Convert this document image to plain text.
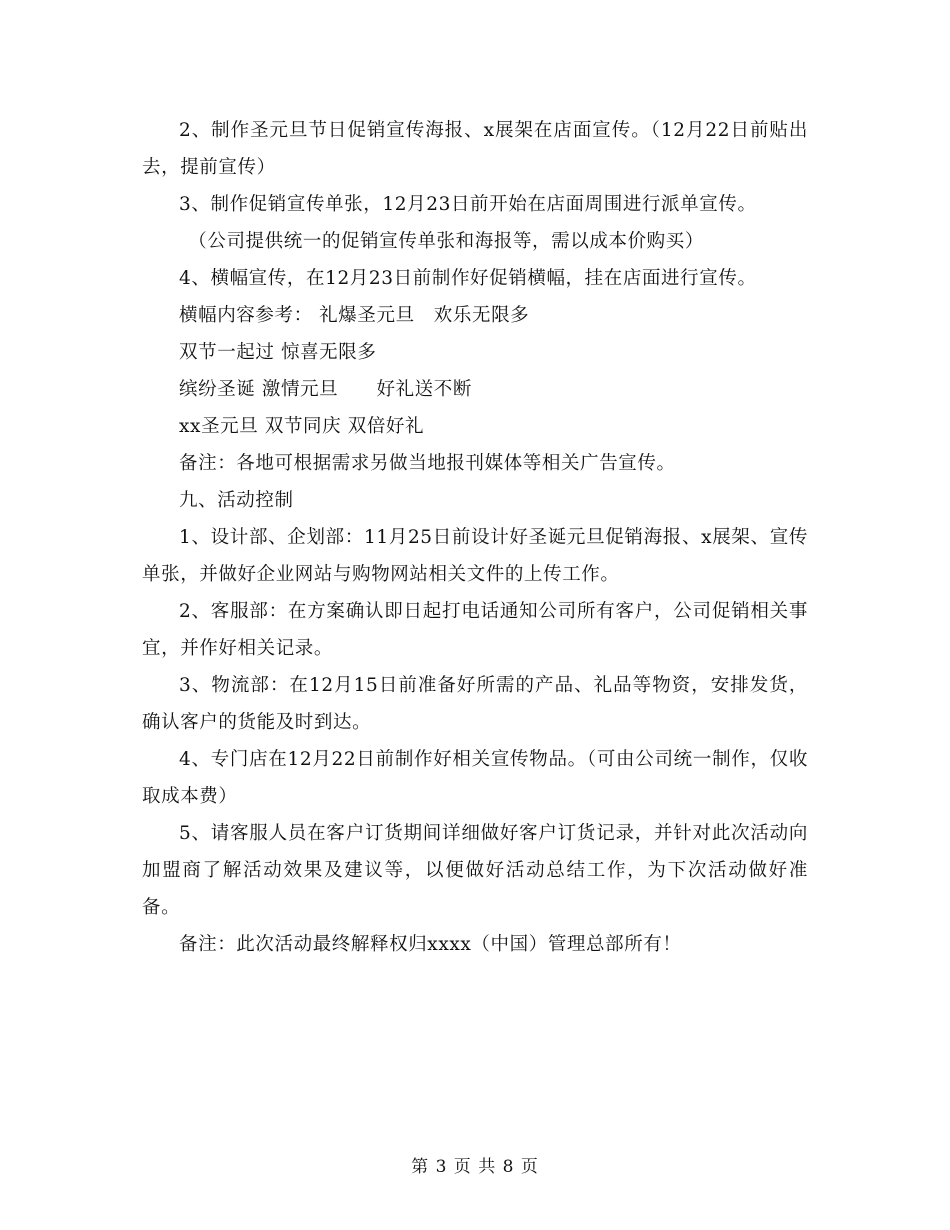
2、制作圣元旦节日促销宣传海报、x展架在店面宣传。（12月22日前贴出去，提前宣传）

3、制作促销宣传单张，12月23日前开始在店面周围进行派单宣传。

（公司提供统一的促销宣传单张和海报等，需以成本价购买）

4、横幅宣传，在12月23日前制作好促销横幅，挂在店面进行宣传。

横幅内容参考： 礼爆圣元旦　欢乐无限多

双节一起过 惊喜无限多

缤纷圣诞 激情元旦　　好礼送不断

xx圣元旦 双节同庆 双倍好礼

备注：各地可根据需求另做当地报刊媒体等相关广告宣传。

九、活动控制

1、设计部、企划部：11月25日前设计好圣诞元旦促销海报、x展架、宣传单张，并做好企业网站与购物网站相关文件的上传工作。

2、客服部：在方案确认即日起打电话通知公司所有客户，公司促销相关事宜，并作好相关记录。

3、物流部：在12月15日前准备好所需的产品、礼品等物资，安排发货，确认客户的货能及时到达。

4、专门店在12月22日前制作好相关宣传物品。（可由公司统一制作，仅收取成本费）

5、请客服人员在客户订货期间详细做好客户订货记录，并针对此次活动向加盟商了解活动效果及建议等，以便做好活动总结工作，为下次活动做好准备。

备注：此次活动最终解释权归xxxx（中国）管理总部所有！

第 3 页 共 8 页
